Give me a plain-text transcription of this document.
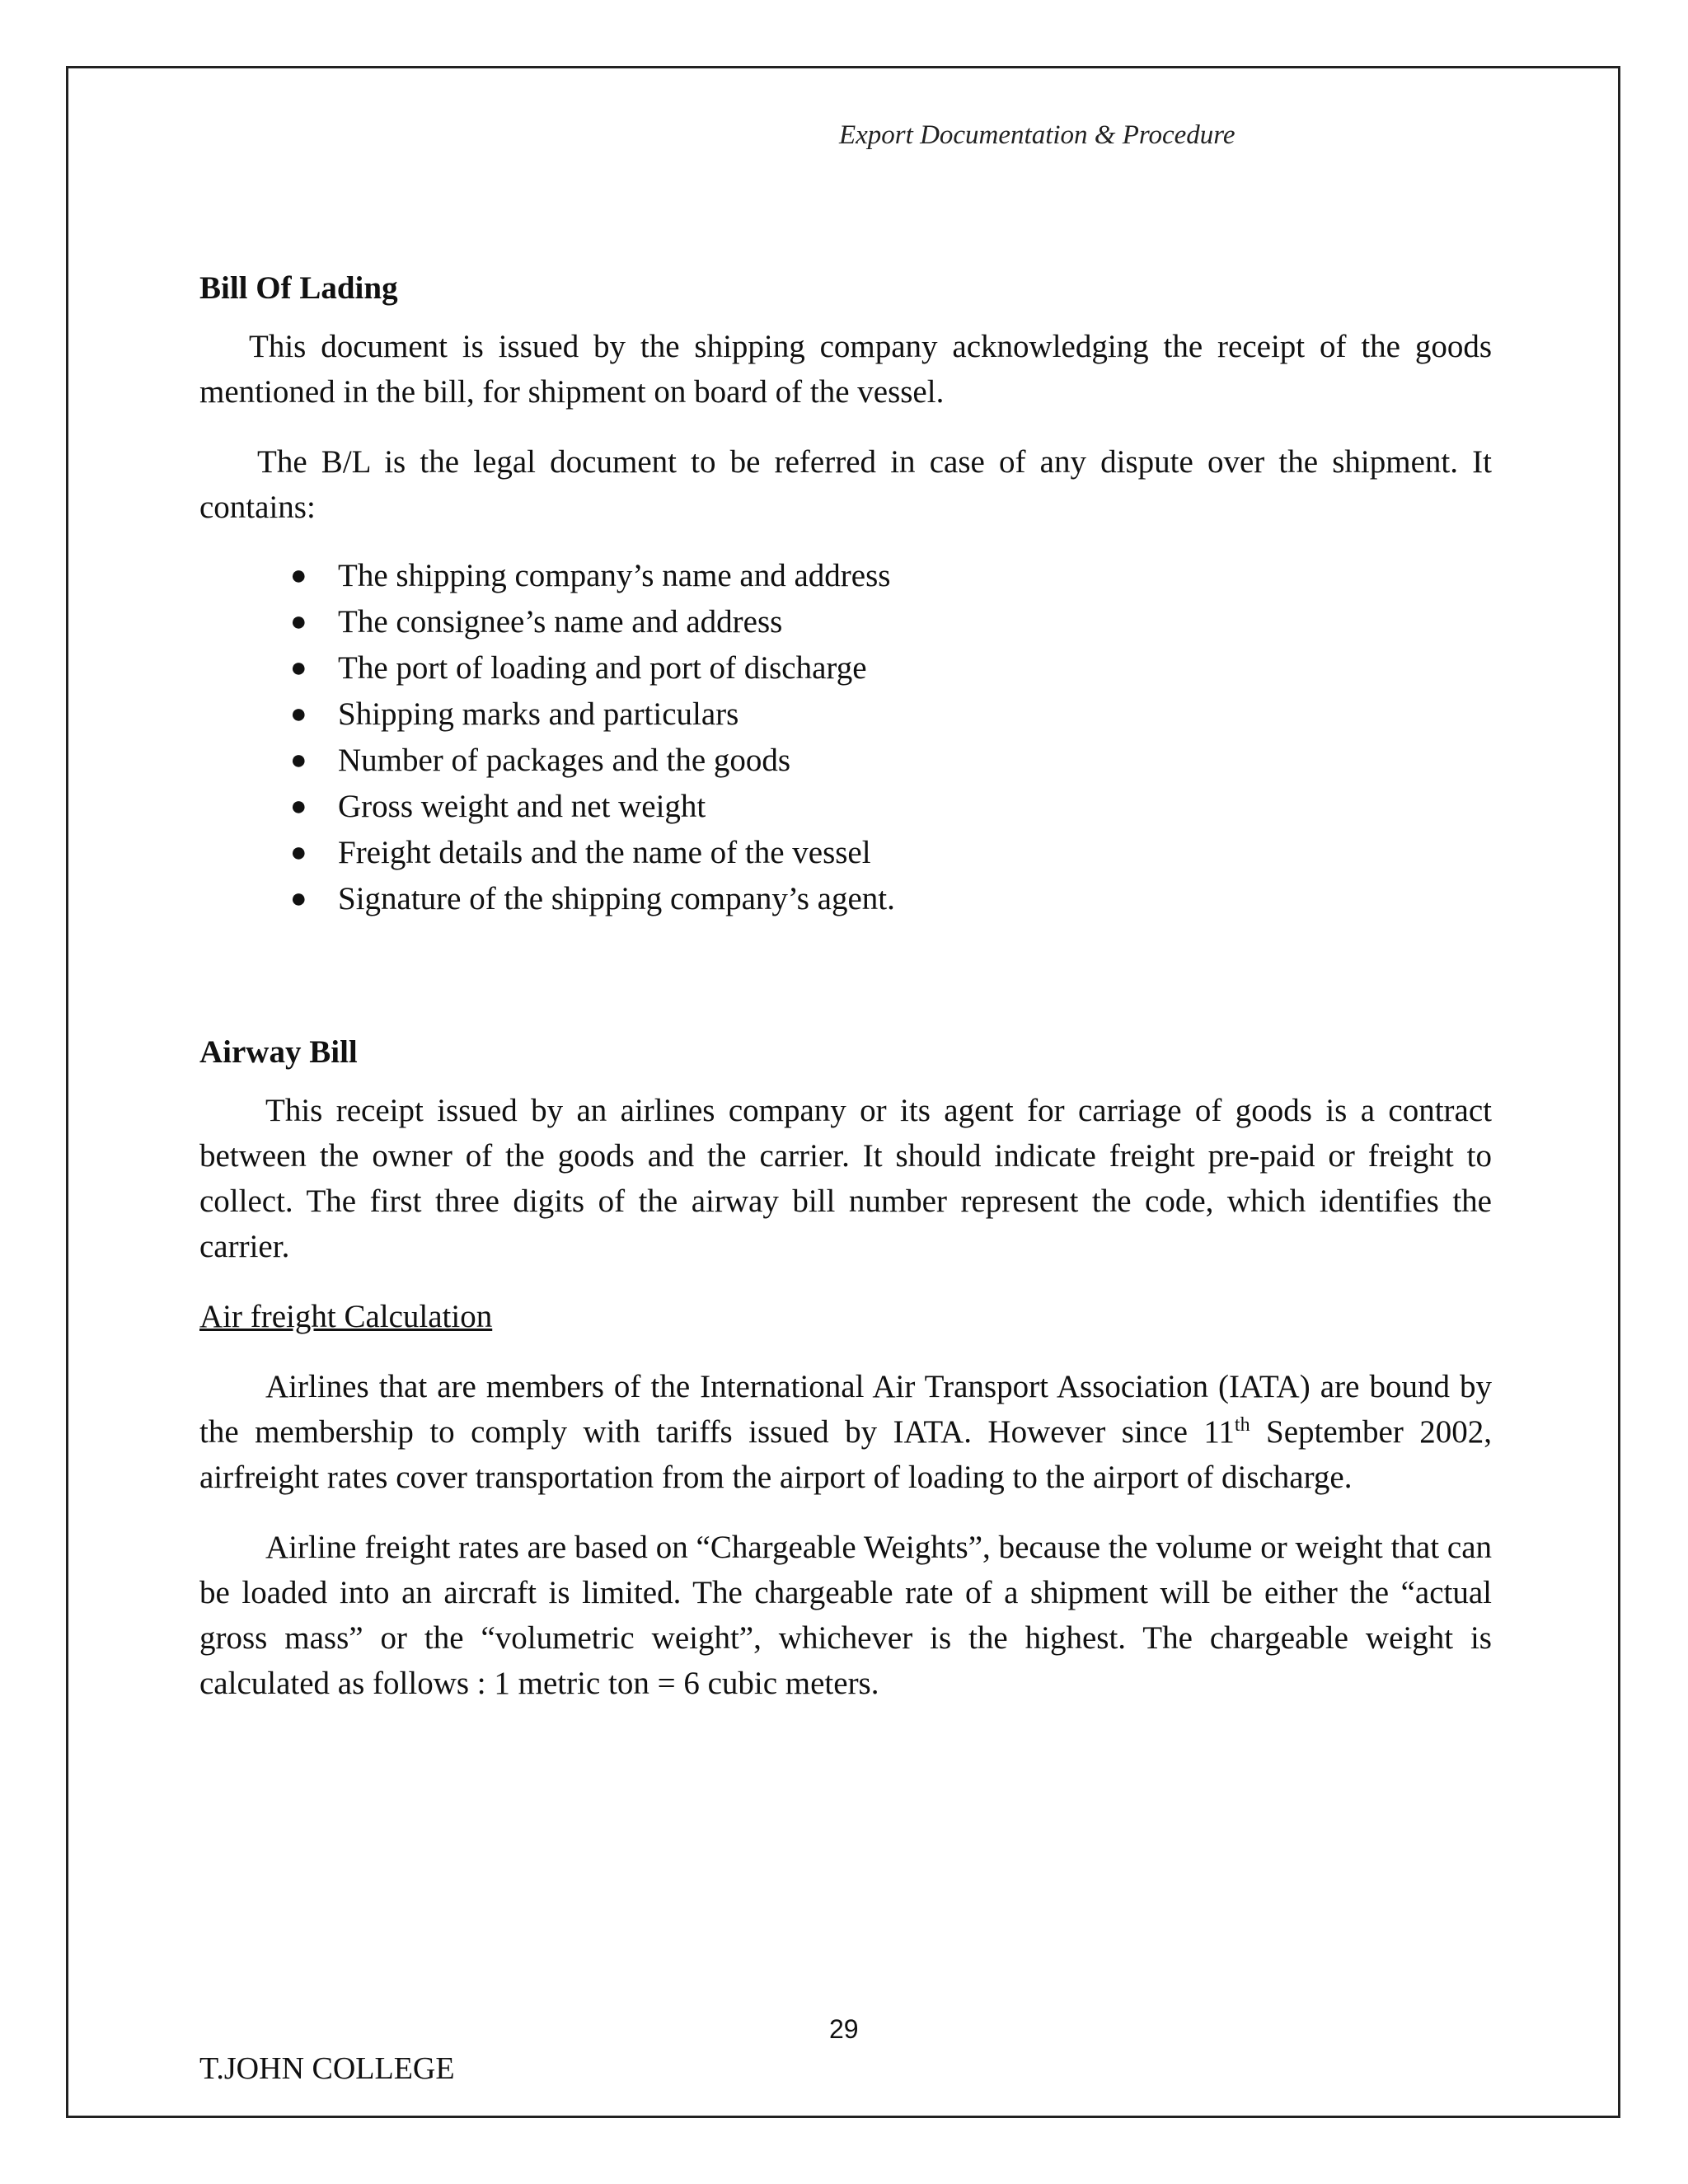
Export Documentation & Procedure
Bill Of Lading

This document is issued by the shipping company acknowledging the receipt of the goods mentioned in the bill, for shipment on board of the vessel.

The B/L is the legal document to be referred in case of any dispute over the shipment. It contains:

● The shipping company’s name and address
● The consignee’s name and address
● The port of loading and port of discharge
● Shipping marks and particulars
● Number of packages and the goods
● Gross weight and net weight
● Freight details and the name of the vessel
● Signature of the shipping company’s agent.
Airway Bill

This receipt issued by an airlines company or its agent for carriage of goods is a contract between the owner of the goods and the carrier. It should indicate freight pre-paid or freight to collect. The first three digits of the airway bill number represent the code, which identifies the carrier.

Air freight Calculation

Airlines that are members of the International Air Transport Association (IATA) are bound by the membership to comply with tariffs issued by IATA. However since 11th September 2002, airfreight rates cover transportation from the airport of loading to the airport of discharge.

Airline freight rates are based on “Chargeable Weights”, because the volume or weight that can be loaded into an aircraft is limited. The chargeable rate of a shipment will be either the “actual gross mass” or the “volumetric weight”, whichever is the highest. The chargeable weight is calculated as follows : 1 metric ton = 6 cubic meters.

29
T.JOHN COLLEGE
